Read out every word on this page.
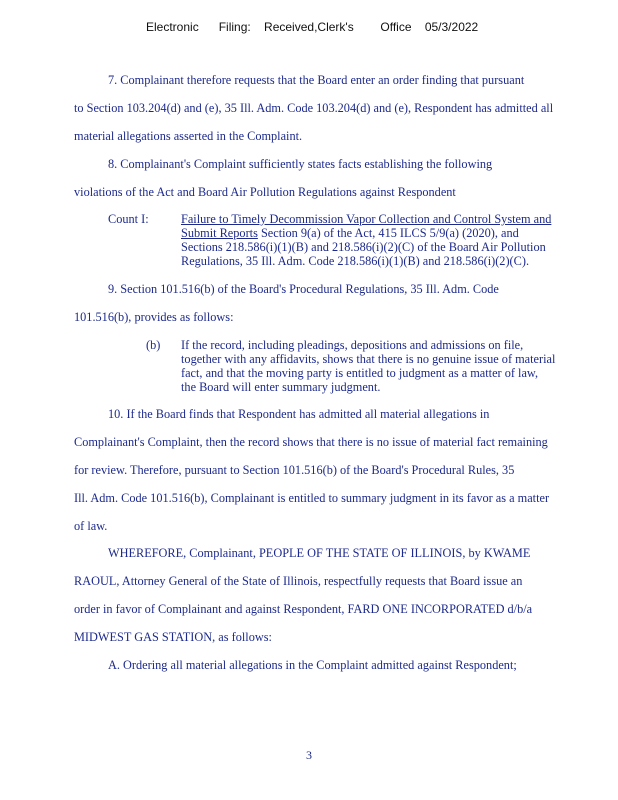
Electronic      Filing:    Received,Clerk's        Office    05/3/2022
7. Complainant therefore requests that the Board enter an order finding that pursuant
to Section 103.204(d) and (e), 35 Ill. Adm. Code 103.204(d) and (e), Respondent has admitted all
material allegations asserted in the Complaint.
8. Complainant's Complaint sufficiently states facts establishing the following
violations of the Act and Board Air Pollution Regulations against Respondent
Count I:	Failure to Timely Decommission Vapor Collection and Control System and
Submit Reports Section 9(a) of the Act, 415 ILCS 5/9(a) (2020), and
Sections 218.586(i)(1)(B) and 218.586(i)(2)(C) of the Board Air Pollution
Regulations, 35 Ill. Adm. Code 218.586(i)(1)(B) and 218.586(i)(2)(C).
9. Section 101.516(b) of the Board's Procedural Regulations, 35 Ill. Adm. Code
101.516(b), provides as follows:
(b) If the record, including pleadings, depositions and admissions on file,
together with any affidavits, shows that there is no genuine issue of material
fact, and that the moving party is entitled to judgment as a matter of law,
the Board will enter summary judgment.
10. If the Board finds that Respondent has admitted all material allegations in
Complainant's Complaint, then the record shows that there is no issue of material fact remaining
for review. Therefore, pursuant to Section 101.516(b) of the Board's Procedural Rules, 35
Ill. Adm. Code 101.516(b), Complainant is entitled to summary judgment in its favor as a matter
of law.
WHEREFORE, Complainant, PEOPLE OF THE STATE OF ILLINOIS, by KWAME
RAOUL, Attorney General of the State of Illinois, respectfully requests that Board issue an
order in favor of Complainant and against Respondent, FARD ONE INCORPORATED d/b/a
MIDWEST GAS STATION, as follows:
A. Ordering all material allegations in the Complaint admitted against Respondent;
3
